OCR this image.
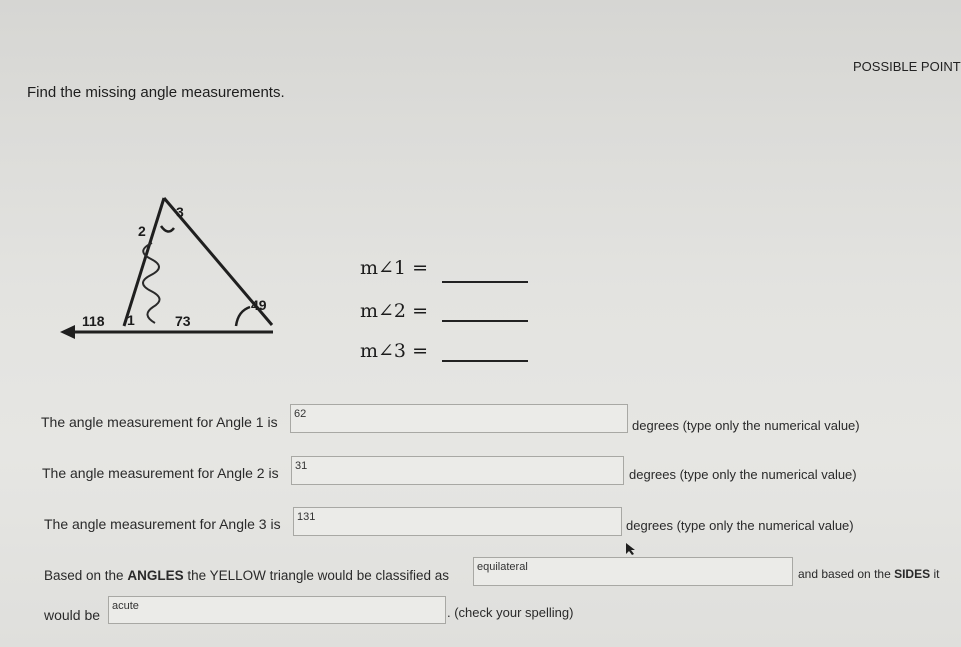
POSSIBLE POINT
Find the missing angle measurements.
3
2
1
118	73
49
m∠1 =
m∠2 =
m∠3 =
The angle measurement for Angle 1 is	62
degrees (type only the numerical value)
The angle measurement for Angle 2 is	31
degrees (type only the numerical value)
The angle measurement for Angle 3 is	131
degrees (type only the numerical value)
Based on the ANGLES the YELLOW triangle would be classified as
equilateral	and based on the SIDES it
would be
acute	. (check your spelling)
